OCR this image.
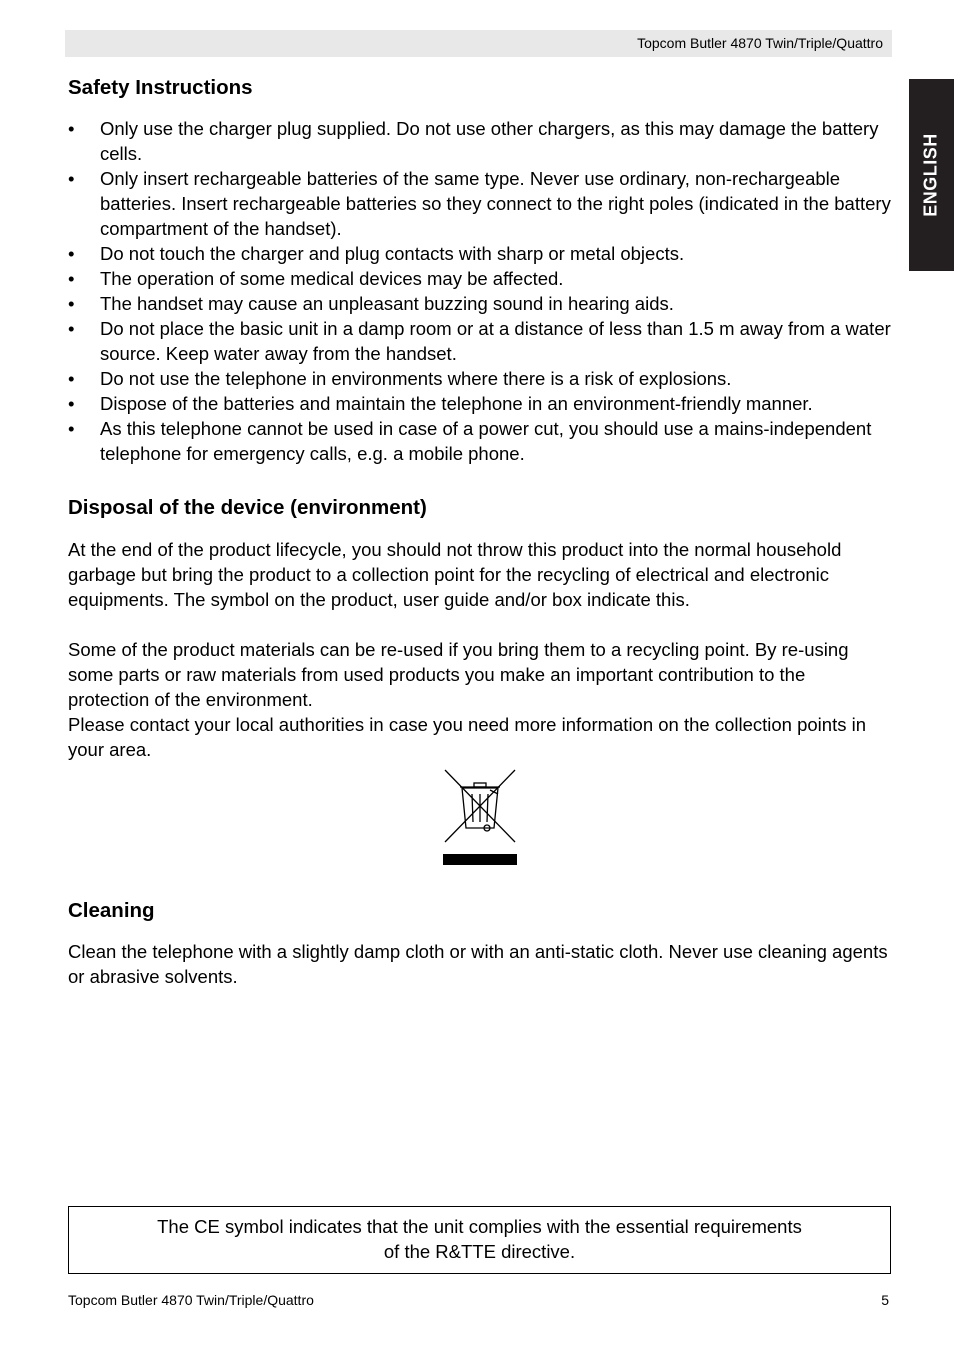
Topcom Butler 4870 Twin/Triple/Quattro
ENGLISH
Safety Instructions
• Only use the charger plug supplied. Do not use other chargers, as this may damage the battery cells.
• Only insert rechargeable batteries of the same type. Never use ordinary, non-rechargeable batteries. Insert rechargeable batteries so they connect to the right poles (indicated in the battery compartment of the handset).
• Do not touch the charger and plug contacts with sharp or metal objects.
• The operation of some medical devices may be affected.
• The handset may cause an unpleasant buzzing sound in hearing aids.
• Do not place the basic unit in a damp room or at a distance of less than 1.5 m away from a water source. Keep water away from the handset.
• Do not use the telephone in environments where there is a risk of explosions.
• Dispose of the batteries and maintain the telephone in an environment-friendly manner.
• As this telephone cannot be used in case of a power cut, you should use a mains-independent telephone for emergency calls, e.g. a mobile phone.
Disposal of the device (environment)

At the end of the product lifecycle, you should not throw this product into the normal household garbage but bring the product to a collection point for the recycling of electrical and electronic equipments. The symbol on the product, user guide and/or box indicate this.

Some of the product materials can be re-used if you bring them to a recycling point. By re-using some parts or raw materials from used products you make an important contribution to the protection of the environment.

Please contact your local authorities in case you need more information on the collection points in your area.

Cleaning

Clean the telephone with a slightly damp cloth or with an anti-static cloth. Never use cleaning agents or abrasive solvents.

The CE symbol indicates that the unit complies with the essential requirements
of the R&TTE directive.
Topcom Butler 4870 Twin/Triple/Quattro	5
